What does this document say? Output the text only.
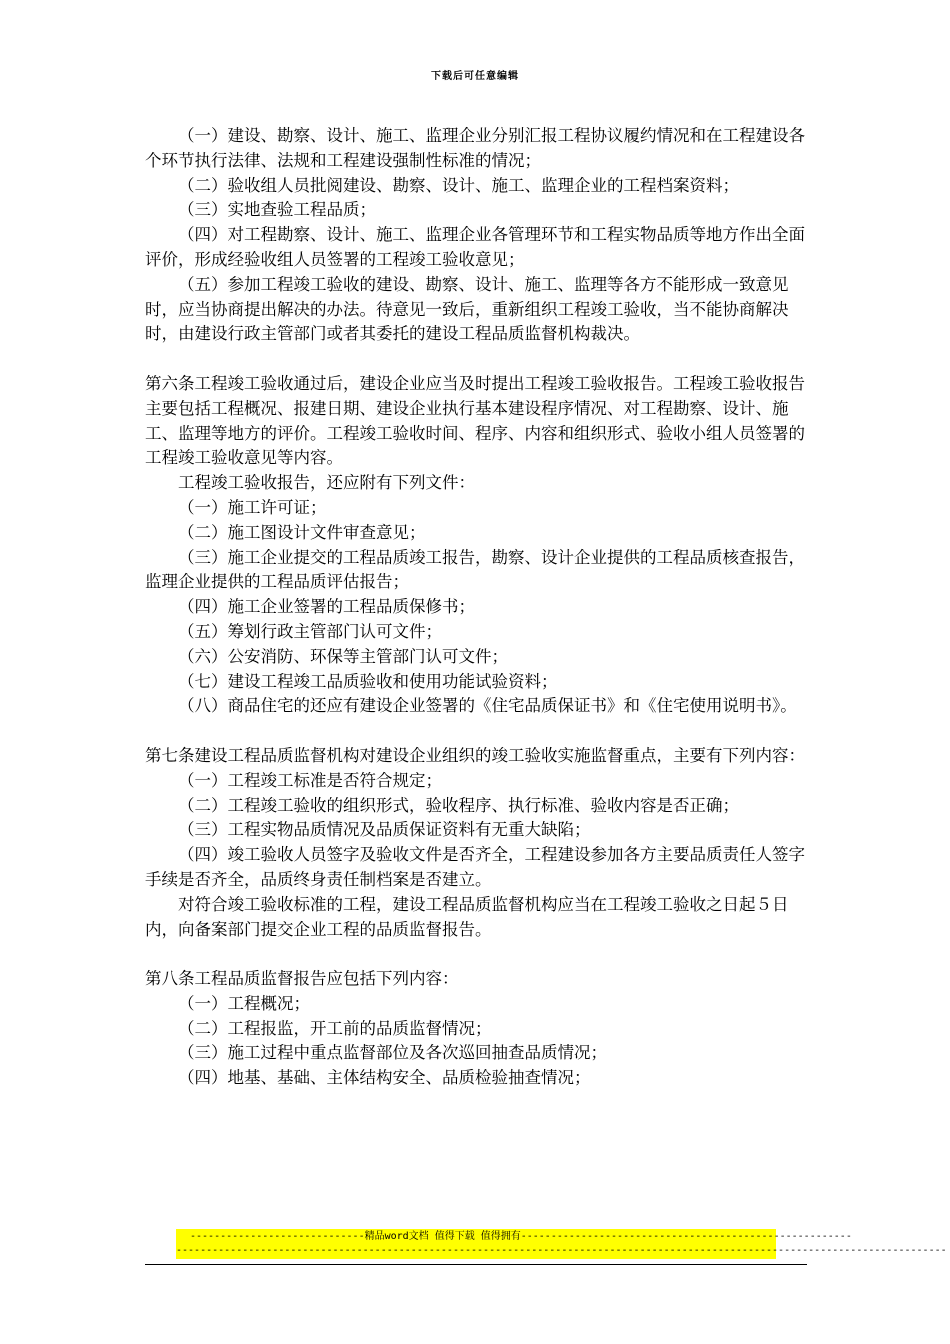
下载后可任意编辑

（一）建设、勘察、设计、施工、监理企业分别汇报工程协议履约情况和在工程建设各个环节执行法律、法规和工程建设强制性标准的情况；

（二）验收组人员批阅建设、勘察、设计、施工、监理企业的工程档案资料；

（三）实地查验工程品质；

（四）对工程勘察、设计、施工、监理企业各管理环节和工程实物品质等地方作出全面评价，形成经验收组人员签署的工程竣工验收意见；

（五）参加工程竣工验收的建设、勘察、设计、施工、监理等各方不能形成一致意见时，应当协商提出解决的办法。待意见一致后，重新组织工程竣工验收，当不能协商解决时，由建设行政主管部门或者其委托的建设工程品质监督机构裁决。

第六条工程竣工验收通过后，建设企业应当及时提出工程竣工验收报告。工程竣工验收报告主要包括工程概况、报建日期、建设企业执行基本建设程序情况、对工程勘察、设计、施工、监理等地方的评价。工程竣工验收时间、程序、内容和组织形式、验收小组人员签署的工程竣工验收意见等内容。

工程竣工验收报告，还应附有下列文件：

（一）施工许可证；

（二）施工图设计文件审查意见；

（三）施工企业提交的工程品质竣工报告，勘察、设计企业提供的工程品质核查报告，监理企业提供的工程品质评估报告；

（四）施工企业签署的工程品质保修书；

（五）筹划行政主管部门认可文件；

（六）公安消防、环保等主管部门认可文件；

（七）建设工程竣工品质验收和使用功能试验资料；

（八）商品住宅的还应有建设企业签署的《住宅品质保证书》和《住宅使用说明书》。

第七条建设工程品质监督机构对建设企业组织的竣工验收实施监督重点，主要有下列内容：

（一）工程竣工标准是否符合规定；

（二）工程竣工验收的组织形式，验收程序、执行标准、验收内容是否正确；

（三）工程实物品质情况及品质保证资料有无重大缺陷；

（四）竣工验收人员签字及验收文件是否齐全，工程建设参加各方主要品质责任人签字手续是否齐全，品质终身责任制档案是否建立。

对符合竣工验收标准的工程，建设工程品质监督机构应当在工程竣工验收之日起５日内，向备案部门提交企业工程的品质监督报告。

第八条工程品质监督报告应包括下列内容：

（一）工程概况；

（二）工程报监，开工前的品质监督情况；

（三）施工过程中重点监督部位及各次巡回抽查品质情况；

（四）地基、基础、主体结构安全、品质检验抽查情况；

-----------------------------精品word文档 值得下载 值得拥有-------------------------------------------------------
--------------------------------------------------------------------------------------------------------------------------------
